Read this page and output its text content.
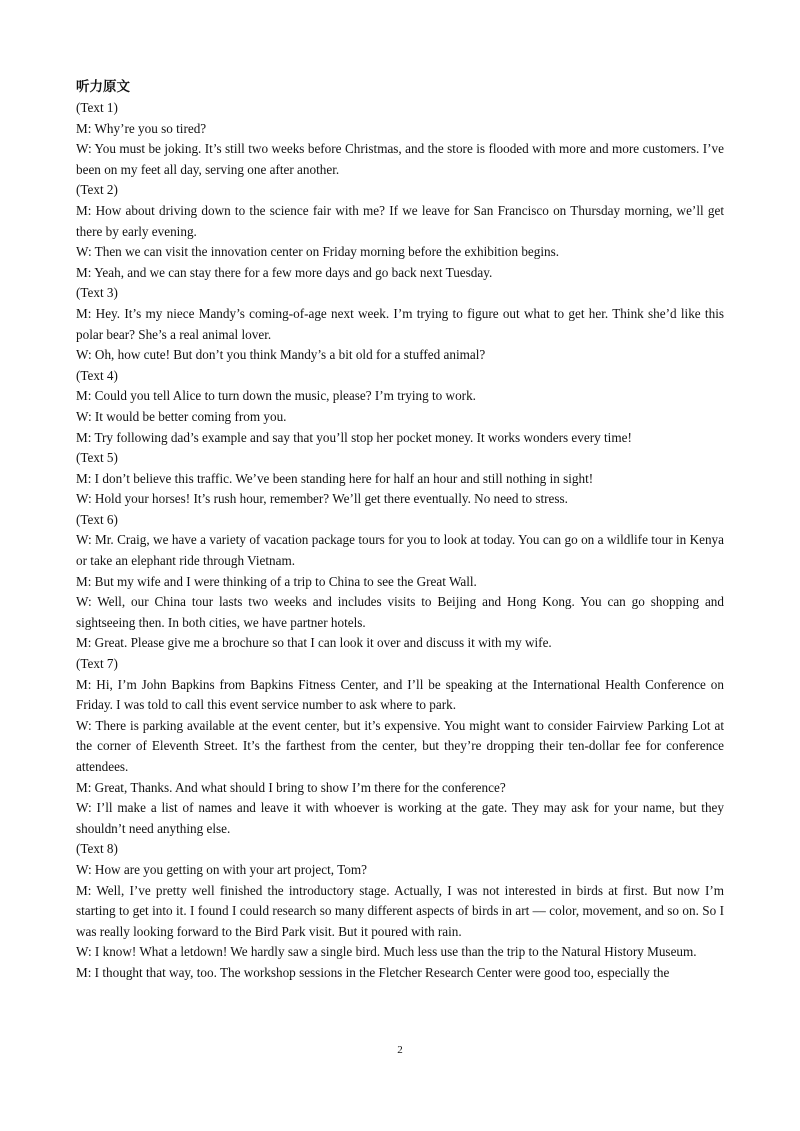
听力原文

(Text 1)

M: Why’re you so tired?

W: You must be joking. It’s still two weeks before Christmas, and the store is flooded with more and more customers. I’ve been on my feet all day, serving one after another.

(Text 2)

M: How about driving down to the science fair with me? If we leave for San Francisco on Thursday morning, we’ll get there by early evening.

W: Then we can visit the innovation center on Friday morning before the exhibition begins.

M: Yeah, and we can stay there for a few more days and go back next Tuesday.

(Text 3)

M: Hey. It’s my niece Mandy’s coming-of-age next week. I’m trying to figure out what to get her. Think she’d like this polar bear? She’s a real animal lover.

W: Oh, how cute! But don’t you think Mandy’s a bit old for a stuffed animal?

(Text 4)

M: Could you tell Alice to turn down the music, please? I’m trying to work.

W: It would be better coming from you.

M: Try following dad’s example and say that you’ll stop her pocket money. It works wonders every time!

(Text 5)

M: I don’t believe this traffic. We’ve been standing here for half an hour and still nothing in sight!

W: Hold your horses! It’s rush hour, remember? We’ll get there eventually. No need to stress.

(Text 6)

W: Mr. Craig, we have a variety of vacation package tours for you to look at today. You can go on a wildlife tour in Kenya or take an elephant ride through Vietnam.

M: But my wife and I were thinking of a trip to China to see the Great Wall.

W: Well, our China tour lasts two weeks and includes visits to Beijing and Hong Kong. You can go shopping and sightseeing then. In both cities, we have partner hotels.

M: Great. Please give me a brochure so that I can look it over and discuss it with my wife.

(Text 7)

M: Hi, I’m John Bapkins from Bapkins Fitness Center, and I’ll be speaking at the International Health Conference on Friday. I was told to call this event service number to ask where to park.

W: There is parking available at the event center, but it’s expensive. You might want to consider Fairview Parking Lot at the corner of Eleventh Street. It’s the farthest from the center, but they’re dropping their ten-dollar fee for conference attendees.

M: Great, Thanks. And what should I bring to show I’m there for the conference?

W: I’ll make a list of names and leave it with whoever is working at the gate. They may ask for your name, but they shouldn’t need anything else.

(Text 8)

W: How are you getting on with your art project, Tom?

M: Well, I’ve pretty well finished the introductory stage. Actually, I was not interested in birds at first. But now I’m starting to get into it. I found I could research so many different aspects of birds in art — color, movement, and so on. So I was really looking forward to the Bird Park visit. But it poured with rain.

W: I know! What a letdown! We hardly saw a single bird. Much less use than the trip to the Natural History Museum.

M: I thought that way, too. The workshop sessions in the Fletcher Research Center were good too, especially the

2
